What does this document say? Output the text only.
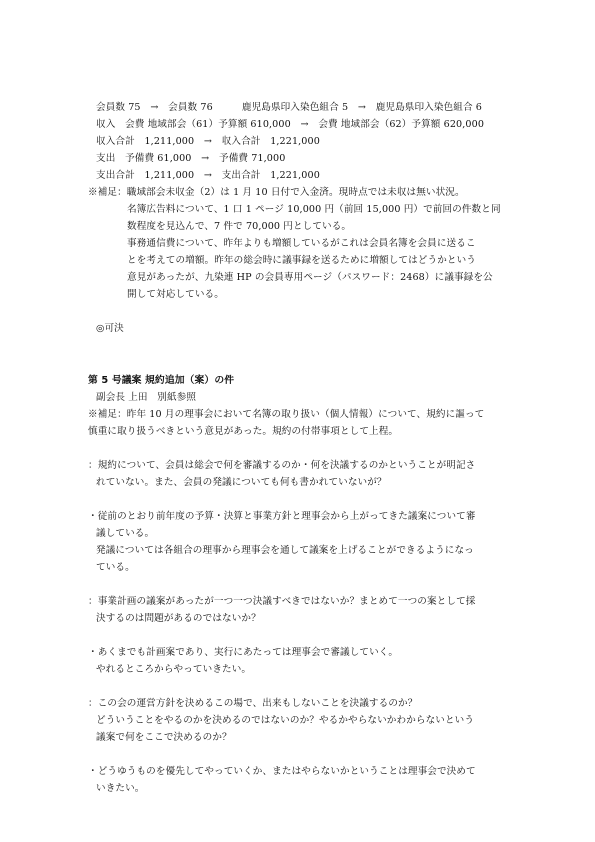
会員数 75　→　会員数 76　　　鹿児島県印入染色組合 5　→　鹿児島県印入染色組合 6
収入　会費 地域部会（61）予算額 610,000　→　会費 地域部会（62）予算額 620,000
収入合計　1,211,000　→　収入合計　1,221,000
支出　予備費 61,000　→　予備費 71,000
支出合計　1,211,000　→　支出合計　1,221,000
※補足：職域部会未収金（2）は 1 月 10 日付で入金済。現時点では未収は無い状況。
名簿広告料について、1 口 1 ページ 10,000 円（前回 15,000 円）で前回の件数と同
数程度を見込んで、7 件で 70,000 円としている。
事務通信費について、昨年よりも増額しているがこれは会員名簿を会員に送るこ
とを考えての増額。昨年の総会時に議事録を送るために増額してはどうかという
意見があったが、九染連 HP の会員専用ページ（パスワード：2468）に議事録を公
開して対応している。
◎可決
第 5 号議案 規約追加（案）の件
副会長 上田　別紙参照
※補足：昨年 10 月の理事会において名簿の取り扱い（個人情報）について、規約に謳って
慎重に取り扱うべきという意見があった。規約の付帯事項として上程。
：規約について、会員は総会で何を審議するのか・何を決議するのかということが明記さ
れていない。また、会員の発議についても何も書かれていないが？
・従前のとおり前年度の予算・決算と事業方針と理事会から上がってきた議案について審
議している。
発議については各組合の理事から理事会を通して議案を上げることができるようになっ
ている。
：事業計画の議案があったが一つ一つ決議すべきではないか？まとめて一つの案として採
決するのは問題があるのではないか？
・あくまでも計画案であり、実行にあたっては理事会で審議していく。
やれるところからやっていきたい。
：この会の運営方針を決めるこの場で、出来もしないことを決議するのか？
どういうことをやるのかを決めるのではないのか？やるかやらないかわからないという
議案で何をここで決めるのか？
・どうゆうものを優先してやっていくか、またはやらないかということは理事会で決めて
いきたい。
